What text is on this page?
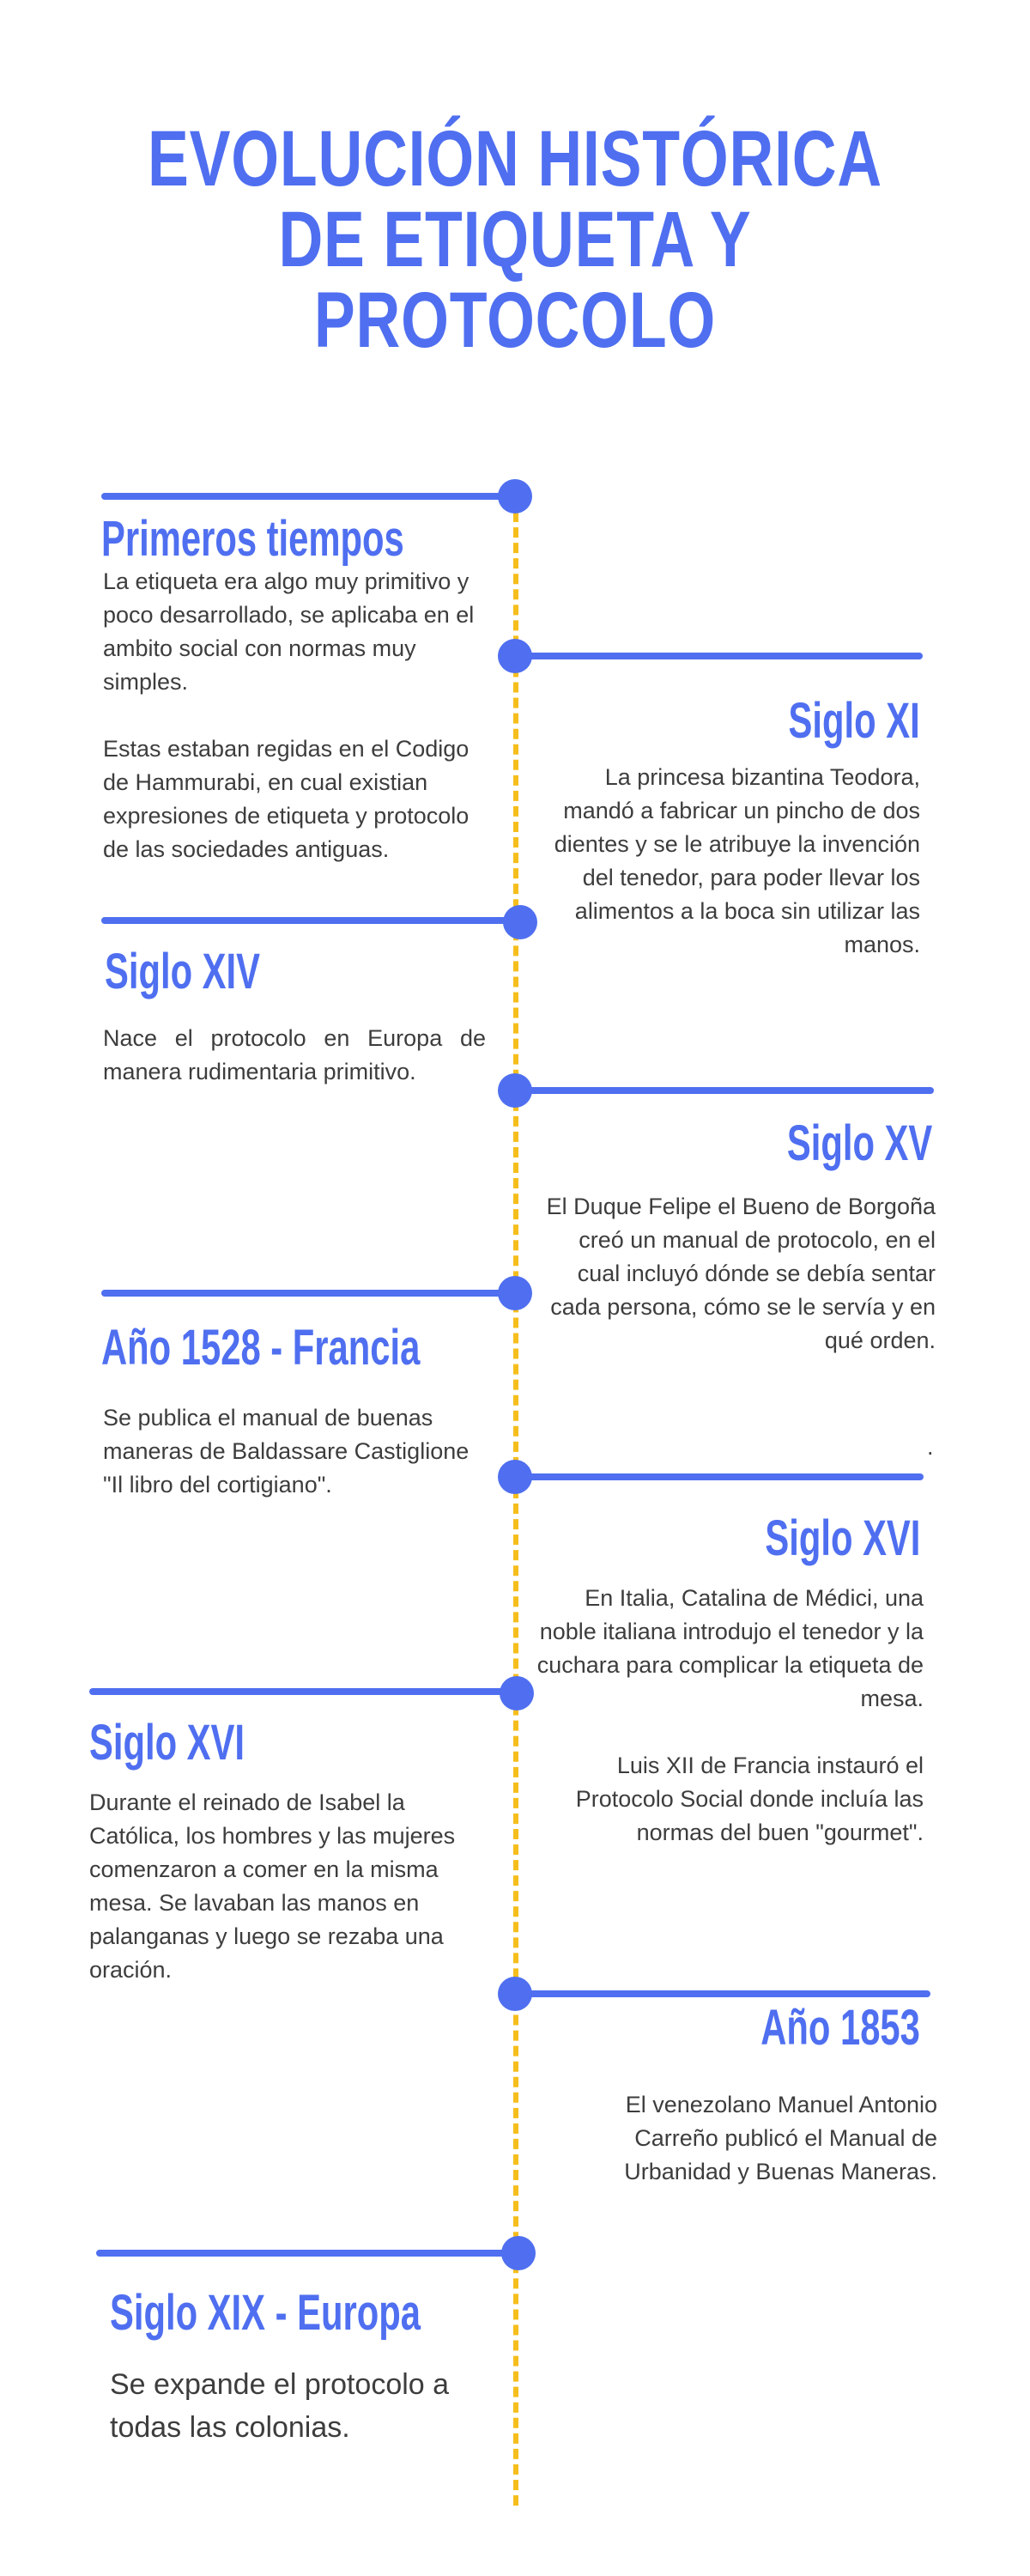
EVOLUCIÓN HISTÓRICA
DE ETIQUETA Y
PROTOCOLO
Primeros tiempos
La etiqueta era algo muy primitivo y poco desarrollado, se aplicaba en el ambito social con normas muy simples.

Estas estaban regidas en el Codigo de Hammurabi, en cual existian expresiones de etiqueta y protocolo de las sociedades antiguas.
Siglo XI
La princesa bizantina Teodora, mandó a fabricar un pincho de dos dientes y se le atribuye la invención del tenedor, para poder llevar los alimentos a la boca sin utilizar las manos.
Siglo XIV
Nace el protocolo en Europa de manera rudimentaria primitivo.
Siglo XV
El Duque Felipe el Bueno de Borgoña creó un manual de protocolo, en el cual incluyó dónde se debía sentar cada persona, cómo se le servía y en qué orden.
Año 1528 - Francia
Se publica el manual de buenas maneras de Baldassare Castiglione "Il libro del cortigiano".
.
Siglo XVI
En Italia, Catalina de Médici, una noble italiana introdujo el tenedor y la cuchara para complicar la etiqueta de mesa.

Luis XII de Francia instauró el Protocolo Social donde incluía las normas del buen "gourmet".
Siglo XVI
Durante el reinado de Isabel la Católica, los hombres y las mujeres comenzaron a comer en la misma mesa. Se lavaban las manos en palanganas y luego se rezaba una oración.
Año 1853
El venezolano Manuel Antonio Carreño publicó el Manual de Urbanidad y Buenas Maneras.
Siglo XIX - Europa
Se expande el protocolo a todas las colonias.
